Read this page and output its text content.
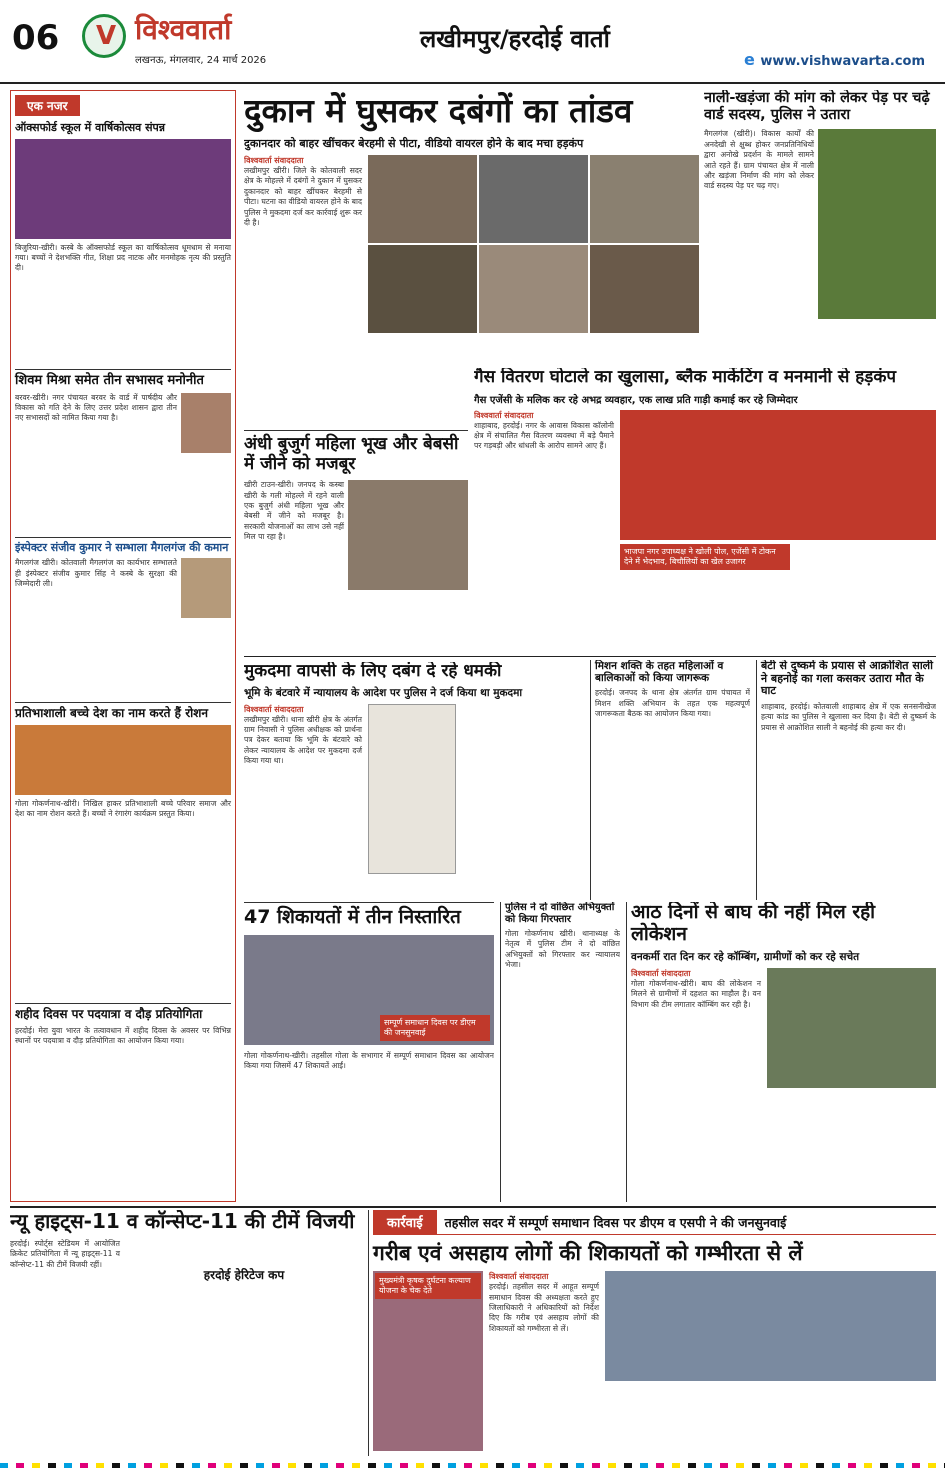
06
V	विश्ववार्ता
लखनऊ, मंगलवार, 24 मार्च 2026
लखीमपुर/हरदोई वार्ता
e www.vishwavarta.com
एक नजर
ऑक्सफोर्ड स्कूल में वार्षिकोत्सव संपन्न
बिजुरिया-खीरी। कस्बे के ऑक्सफोर्ड स्कूल का वार्षिकोत्सव धूमधाम से मनाया गया। बच्चों ने देशभक्ति गीत, शिक्षा प्रद नाटक और मनमोहक नृत्य की प्रस्तुति दी।
शिवम मिश्रा समेत तीन सभासद मनोनीत
बरवर-खीरी। नगर पंचायत बरवर के वार्ड में पार्षदीय और विकास को गति देने के लिए उत्तर प्रदेश शासन द्वारा तीन नए सभासदों को नामित किया गया है।
इंस्पेक्टर संजीव कुमार ने सम्भाला मैगलगंज की कमान
मैगलगंज खीरी। कोतवाली मैगलगंज का कार्यभार सम्भालते ही इंस्पेक्टर संजीव कुमार सिंह ने कस्बे के सुरक्षा की जिम्मेदारी ली।
प्रतिभाशाली बच्चे देश का नाम करते हैं रोशन
गोला गोकर्णनाथ-खीरी। निखिल हाकर प्रतिभाशाली बच्चे परिवार समाज और देश का नाम रोशन करते हैं। बच्चों ने रंगारंग कार्यक्रम प्रस्तुत किया।
शहीद दिवस पर पदयात्रा व दौड़ प्रतियोगिता
हरदोई। मेरा युवा भारत के तत्वावधान में शहीद दिवस के अवसर पर विभिन्न स्थानों पर पदयात्रा व दौड़ प्रतियोगिता का आयोजन किया गया।
दुकान में घुसकर दबंगों का तांडव
दुकानदार को बाहर खींचकर बेरहमी से पीटा, वीडियो वायरल होने के बाद मचा हड़कंप
विश्ववार्ता संवाददाता
लखीमपुर खीरी। जिले के कोतवाली सदर क्षेत्र के मोहल्ले में दबंगों ने दुकान में घुसकर दुकानदार को बाहर खींचकर बेरहमी से पीटा। घटना का वीडियो वायरल होने के बाद पुलिस ने मुकदमा दर्ज कर कार्रवाई शुरू कर दी है।
नाली-खड़ंजा की मांग को लेकर पेड़ पर चढ़े वार्ड सदस्य, पुलिस ने उतारा
मैगलगंज (खीरी)। विकास कार्यों की अनदेखी से क्षुब्ध होकर जनप्रतिनिधियों द्वारा अनोखे प्रदर्शन के मामले सामने आते रहते हैं। ग्राम पंचायत क्षेत्र में नाली और खड़ंजा निर्माण की मांग को लेकर वार्ड सदस्य पेड़ पर चढ़ गए।
अंधी बुजुर्ग महिला भूख और बेबसी में जीने को मजबूर
खीरी टाउन-खीरी। जनपद के कस्बा खीरी के गली मोहल्ले में रहने वाली एक बुजुर्ग अंधी महिला भूख और बेबसी में जीने को मजबूर है। सरकारी योजनाओं का लाभ उसे नहीं मिल पा रहा है।
गैस वितरण घोटाले का खुलासा, ब्लैक मार्केटिंग व मनमानी से हड़कंप
गैस एजेंसी के मलिक कर रहे अभद्र व्यवहार, एक लाख प्रति गाड़ी कमाई कर रहे जिम्मेदार
विश्ववार्ता संवाददाता
शाहाबाद, हरदोई। नगर के आवास विकास कॉलोनी क्षेत्र में संचालित गैस वितरण व्यवस्था में बड़े पैमाने पर गड़बड़ी और धांधली के आरोप सामने आए हैं।
भाजपा नगर उपाध्यक्ष ने खोली पोल, एजेंसी में टोकन देने में भेदभाव, बिचौलियों का खेल उजागर
मुकदमा वापसी के लिए दबंग दे रहे धमकी
भूमि के बंटवारे में न्यायालय के आदेश पर पुलिस ने दर्ज किया था मुकदमा
विश्ववार्ता संवाददाता
लखीमपुर खीरी। थाना खीरी क्षेत्र के अंतर्गत ग्राम निवासी ने पुलिस अधीक्षक को प्रार्थना पत्र देकर बताया कि भूमि के बंटवारे को लेकर न्यायालय के आदेश पर मुकदमा दर्ज किया गया था।
मिशन शक्ति के तहत महिलाओं व बालिकाओं को किया जागरूक
हरदोई। जनपद के थाना क्षेत्र अंतर्गत ग्राम पंचायत में मिशन शक्ति अभियान के तहत एक महत्वपूर्ण जागरूकता बैठक का आयोजन किया गया।
बेटी से दुष्कर्म के प्रयास से आक्रोशित साली ने बहनोई का गला कसकर उतारा मौत के घाट
शाहाबाद, हरदोई। कोतवाली शाहाबाद क्षेत्र में एक सनसनीखेज हत्या कांड का पुलिस ने खुलासा कर दिया है। बेटी से दुष्कर्म के प्रयास से आक्रोशित साली ने बहनोई की हत्या कर दी।
47 शिकायतों में तीन निस्तारित
सम्पूर्ण समाधान दिवस पर डीएम की जनसुनवाई
गोला गोकर्णनाथ-खीरी। तहसील गोला के सभागार में सम्पूर्ण समाधान दिवस का आयोजन किया गया जिसमें 47 शिकायतें आईं।
पुलिस ने दो वांछित अभियुक्तों को किया गिरफ्तार
गोला गोकर्णनाथ खीरी। थानाध्यक्ष के नेतृत्व में पुलिस टीम ने दो वांछित अभियुक्तों को गिरफ्तार कर न्यायालय भेजा।
आठ दिनों से बाघ की नहीं मिल रही लोकेशन
वनकर्मी रात दिन कर रहे कॉम्बिंग, ग्रामीणों को कर रहे सचेत
विश्ववार्ता संवाददाता
गोला गोकर्णनाथ-खीरी। बाघ की लोकेशन न मिलने से ग्रामीणों में दहशत का माहौल है। वन विभाग की टीम लगातार कॉम्बिंग कर रही है।
न्यू हाइट्स-11 व कॉन्सेप्ट-11 की टीमें विजयी
हरदोई। स्पोर्ट्स स्टेडियम में आयोजित क्रिकेट प्रतियोगिता में न्यू हाइट्स-11 व कॉन्सेप्ट-11 की टीमें विजयी रहीं।
हरदोई हेरिटेज कप
कार्रवाई	तहसील सदर में सम्पूर्ण समाधान दिवस पर डीएम व एसपी ने की जनसुनवाई
गरीब एवं असहाय लोगों की शिकायतों को गम्भीरता से लें
मुख्यमंत्री कृषक दुर्घटना कल्याण योजना के चेक देते
विश्ववार्ता संवाददाता
हरदोई। तहसील सदर में आहूत सम्पूर्ण समाधान दिवस की अध्यक्षता करते हुए जिलाधिकारी ने अधिकारियों को निर्देश दिए कि गरीब एवं असहाय लोगों की शिकायतों को गम्भीरता से लें।
